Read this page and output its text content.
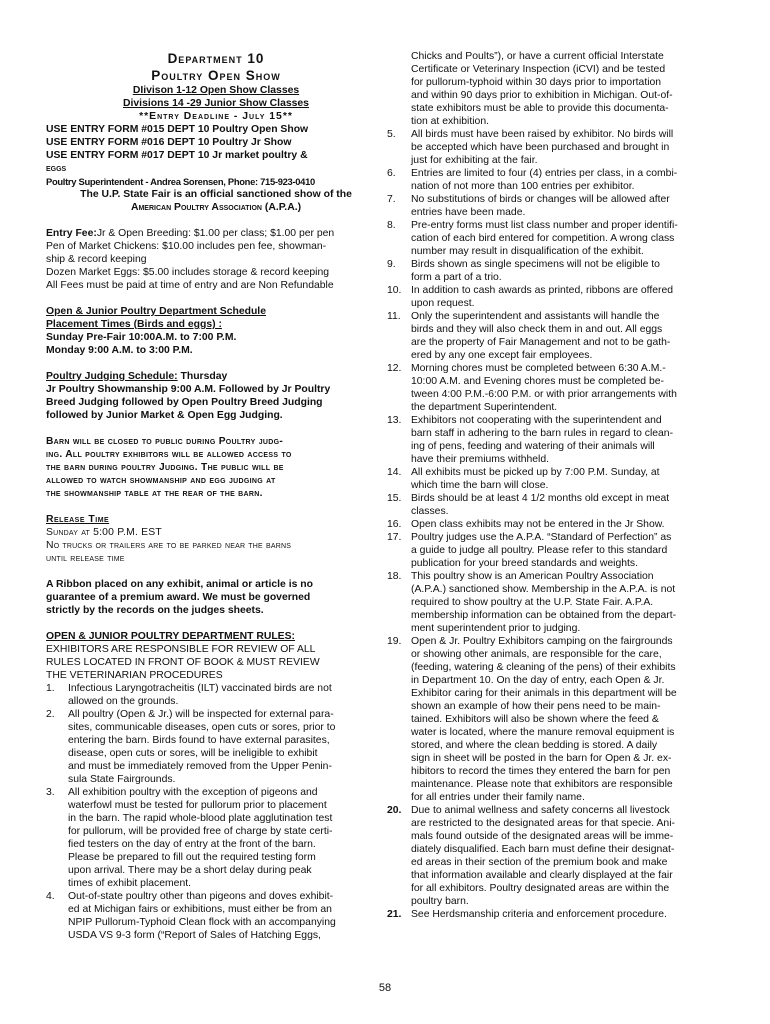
Department 10
Poultry Open Show
DIivison 1-12 Open Show Classes
Divisions 14 -29 Junior Show Classes
**Entry Deadline - July 15**
USE ENTRY FORM #015 DEPT 10 Poultry Open Show
USE ENTRY FORM #016 DEPT 10 Poultry Jr Show
USE ENTRY FORM #017 DEPT 10 Jr market poultry &
eggs
Poultry Superintendent - Andrea Sorensen, Phone: 715-923-0410
The U.P. State Fair is an official sanctioned show of the
American Poultry Association (A.P.A.)
Entry Fee:Jr & Open Breeding: $1.00 per class; $1.00 per pen
Pen of Market Chickens: $10.00 includes pen fee, showman-
ship & record keeping
Dozen Market Eggs: $5.00 includes storage & record keeping
All Fees must be paid at time of entry and are Non Refundable
Open & Junior Poultry Department Schedule
Placement Times (Birds and eggs) :
Sunday Pre-Fair 10:00A.M. to 7:00 P.M.
Monday 9:00 A.M. to 3:00 P.M.
Poultry Judging Schedule: Thursday
Jr Poultry Showmanship 9:00 A.M. Followed by Jr Poultry
Breed Judging followed by Open Poultry Breed Judging
followed by Junior Market & Open Egg Judging.
Barn will be closed to public during Poultry judg-
ing. All poultry exhibitors will be allowed access to
the barn during poultry Judging. The public will be
allowed to watch showmanship and egg judging at
the showmanship table at the rear of the barn.
Release Time
Sunday at 5:00 P.M. EST
No trucks or trailers are to be parked near the barns
until release time
A Ribbon placed on any exhibit, animal or article is no
guarantee of a premium award. We must be governed
strictly by the records on the judges sheets.
OPEN & JUNIOR POULTRY DEPARTMENT RULES:
EXHIBITORS ARE RESPONSIBLE FOR REVIEW OF ALL
RULES LOCATED IN FRONT OF BOOK & MUST REVIEW
THE VETERINARIAN PROCEDURES
1. Infectious Laryngotracheitis (ILT) vaccinated birds are not
allowed on the grounds.
2. All poultry (Open & Jr.) will be inspected for external para-
sites, communicable diseases, open cuts or sores, prior to
entering the barn. Birds found to have external parasites,
disease, open cuts or sores, will be ineligible to exhibit
and must be immediately removed from the Upper Penin-
sula State Fairgrounds.
3. All exhibition poultry with the exception of pigeons and
waterfowl must be tested for pullorum prior to placement
in the barn. The rapid whole-blood plate agglutination test
for pullorum, will be provided free of charge by state certi-
fied testers on the day of entry at the front of the barn.
Please be prepared to fill out the required testing form
upon arrival. There may be a short delay during peak
times of exhibit placement.
4. Out-of-state poultry other than pigeons and doves exhibit-
ed at Michigan fairs or exhibitions, must either be from an
NPIP Pullorum-Typhoid Clean flock with an accompanying
USDA VS 9-3 form (“Report of Sales of Hatching Eggs,
Chicks and Poults”), or have a current official Interstate
Certificate or Veterinary Inspection (iCVI) and be tested
for pullorum-typhoid within 30 days prior to importation
and within 90 days prior to exhibition in Michigan. Out-of-
state exhibitors must be able to provide this documenta-
tion at exhibition.
5. All birds must have been raised by exhibitor. No birds will
be accepted which have been purchased and brought in
just for exhibiting at the fair.
6. Entries are limited to four (4) entries per class, in a combi-
nation of not more than 100 entries per exhibitor.
7. No substitutions of birds or changes will be allowed after
entries have been made.
8. Pre-entry forms must list class number and proper identifi-
cation of each bird entered for competition. A wrong class
number may result in disqualification of the exhibit.
9. Birds shown as single specimens will not be eligible to
form a part of a trio.
10. In addition to cash awards as printed, ribbons are offered
upon request.
11. Only the superintendent and assistants will handle the
birds and they will also check them in and out. All eggs
are the property of Fair Management and not to be gath-
ered by any one except fair employees.
12. Morning chores must be completed between 6:30 A.M.-
10:00 A.M. and Evening chores must be completed be-
tween 4:00 P.M.-6:00 P.M. or with prior arrangements with
the department Superintendent.
13. Exhibitors not cooperating with the superintendent and
barn staff in adhering to the barn rules in regard to clean-
ing of pens, feeding and watering of their animals will
have their premiums withheld.
14. All exhibits must be picked up by 7:00 P.M. Sunday, at
which time the barn will close.
15. Birds should be at least 4 1/2 months old except in meat
classes.
16. Open class exhibits may not be entered in the Jr Show.
17. Poultry judges use the A.P.A. “Standard of Perfection” as
a guide to judge all poultry. Please refer to this standard
publication for your breed standards and weights.
18. This poultry show is an American Poultry Association
(A.P.A.) sanctioned show. Membership in the A.P.A. is not
required to show poultry at the U.P. State Fair. A.P.A.
membership information can be obtained from the depart-
ment superintendent prior to judging.
19. Open & Jr. Poultry Exhibitors camping on the fairgrounds
or showing other animals, are responsible for the care,
(feeding, watering & cleaning of the pens) of their exhibits
in Department 10. On the day of entry, each Open & Jr.
Exhibitor caring for their animals in this department will be
shown an example of how their pens need to be main-
tained. Exhibitors will also be shown where the feed &
water is located, where the manure removal equipment is
stored, and where the clean bedding is stored. A daily
sign in sheet will be posted in the barn for Open & Jr. ex-
hibitors to record the times they entered the barn for pen
maintenance. Please note that exhibitors are responsible
for all entries under their family name.
20. Due to animal wellness and safety concerns all livestock
are restricted to the designated areas for that specie. Ani-
mals found outside of the designated areas will be imme-
diately disqualified. Each barn must define their designat-
ed areas in their section of the premium book and make
that information available and clearly displayed at the fair
for all exhibitors. Poultry designated areas are within the
poultry barn.
21. See Herdsmanship criteria and enforcement procedure.
58
